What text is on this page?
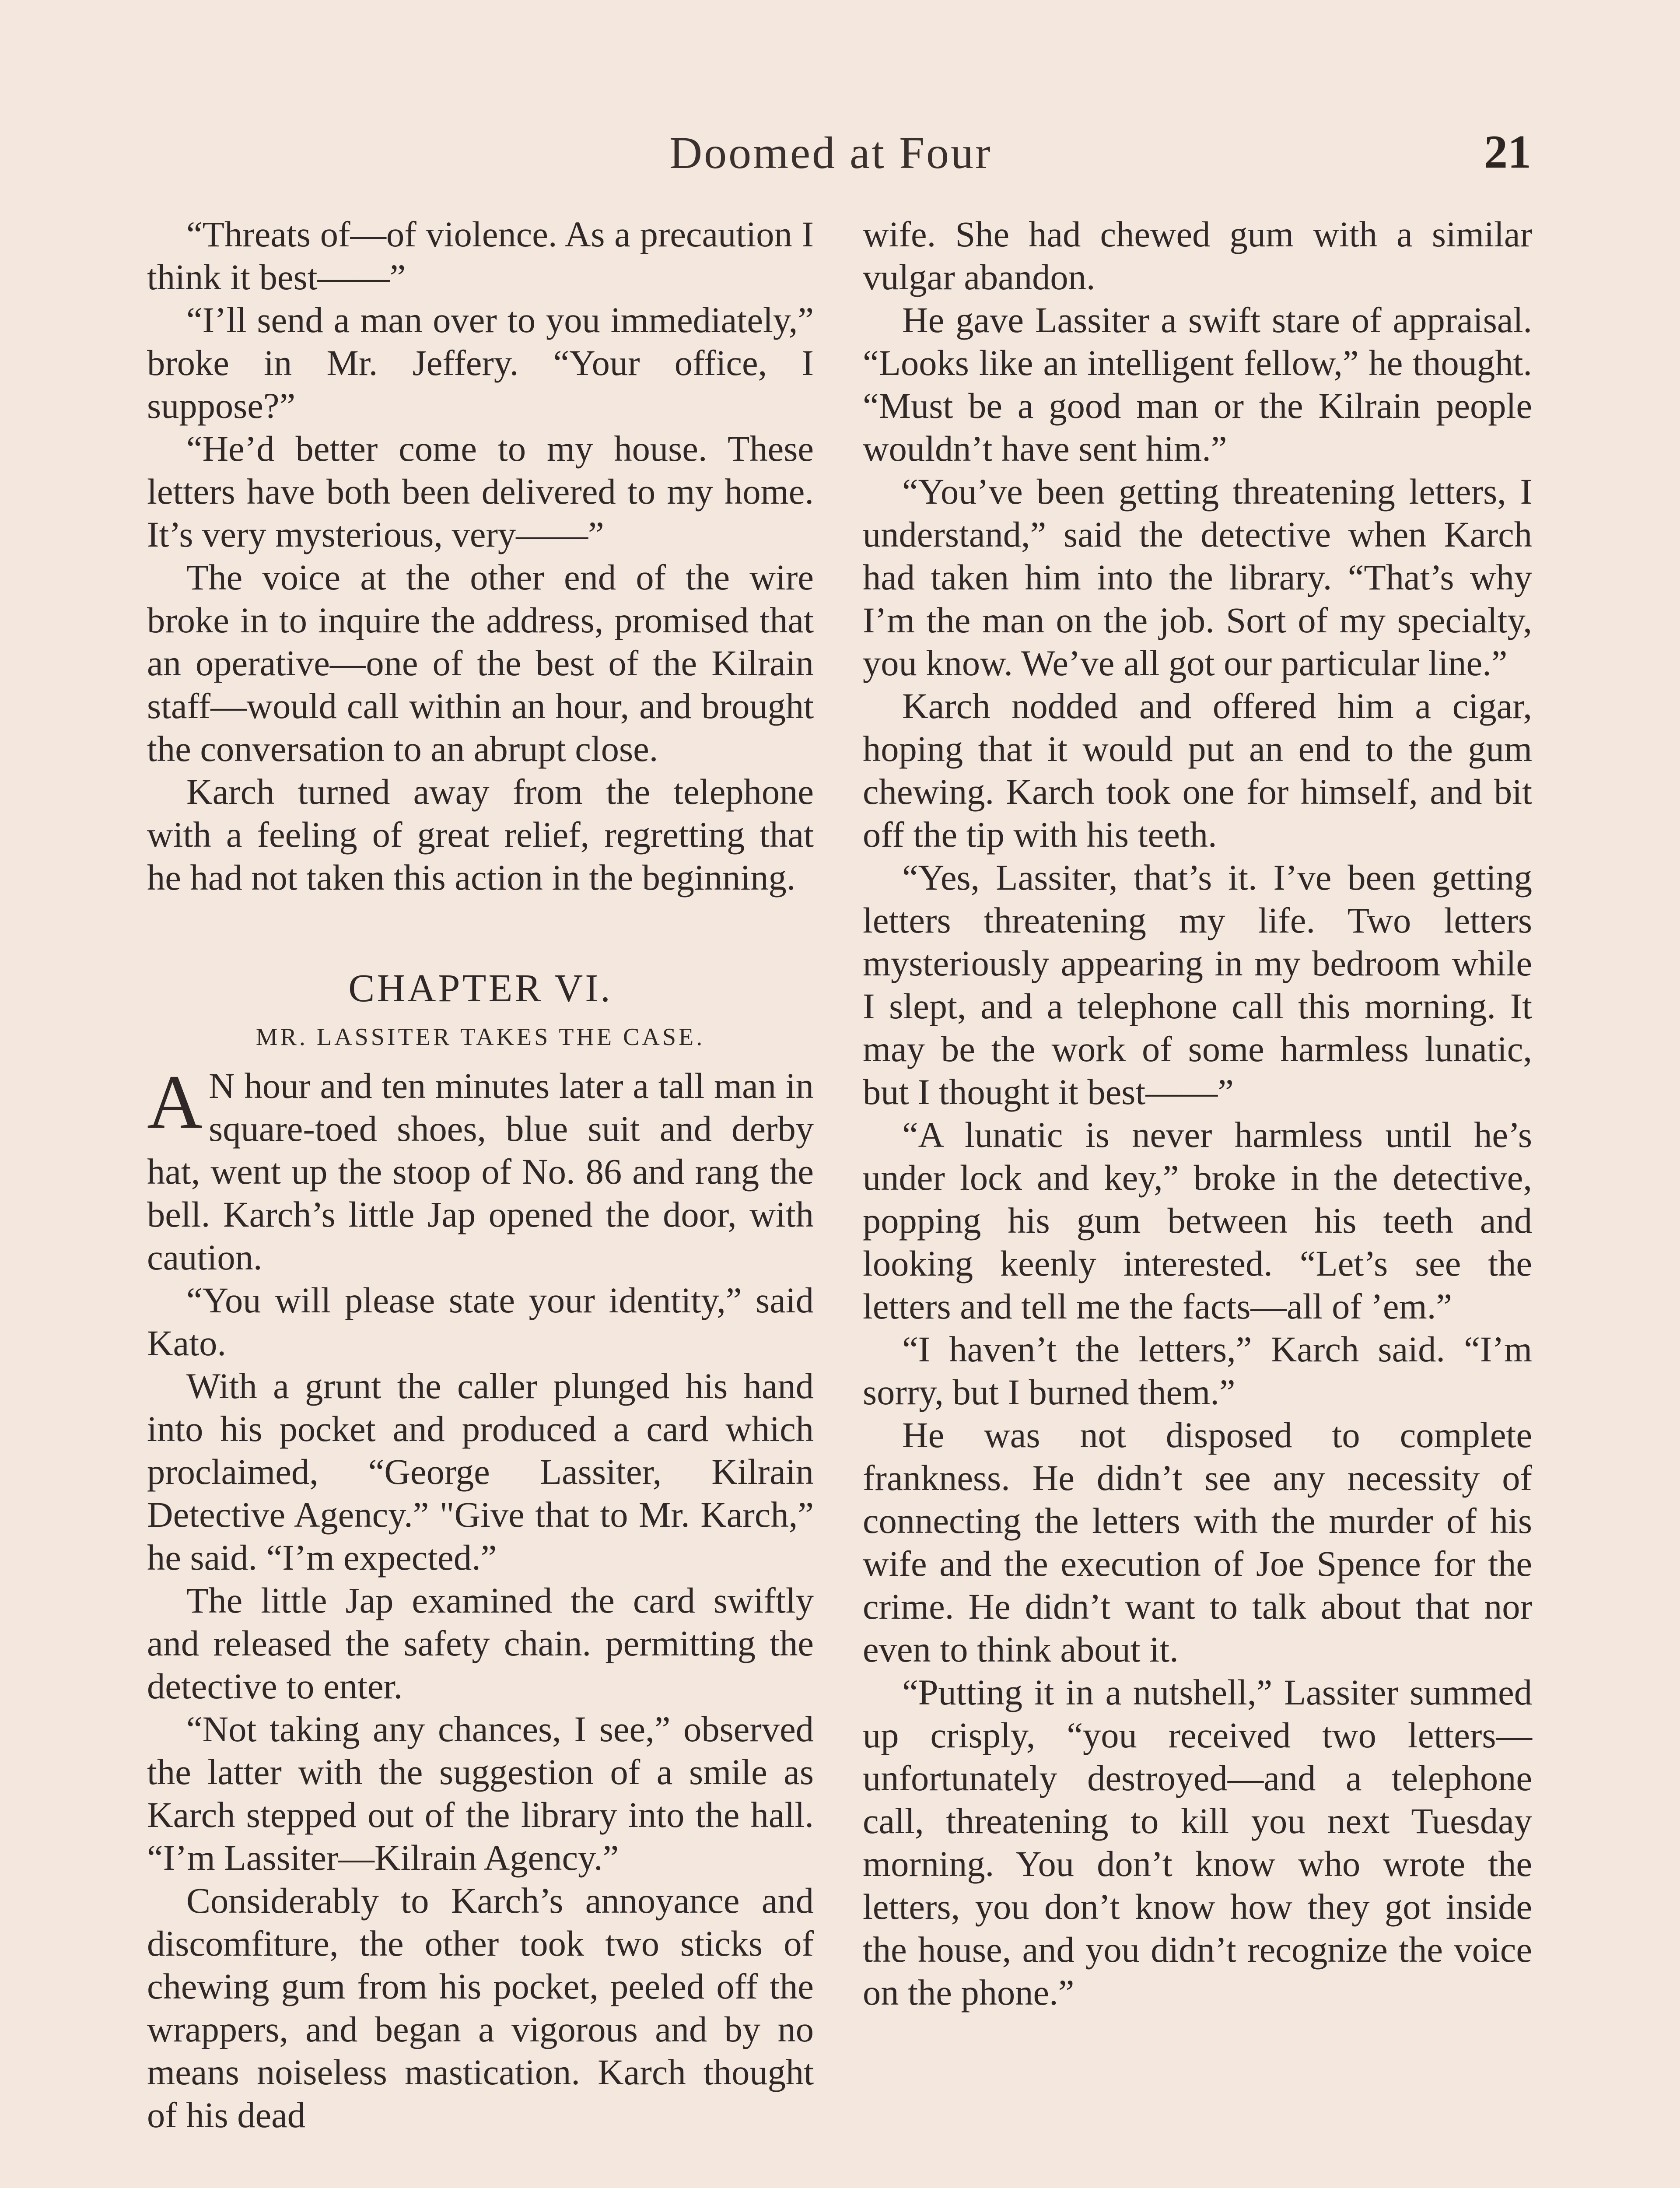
Doomed at Four	21

“Threats of—of violence. As a precaution I think it best——”

“I’ll send a man over to you immediately,” broke in Mr. Jeffery. “Your office, I suppose?”

“He’d better come to my house. These letters have both been delivered to my home. It’s very mysterious, very——”

The voice at the other end of the wire broke in to inquire the address, promised that an operative—one of the best of the Kilrain staff—would call within an hour, and brought the conversation to an abrupt close.

Karch turned away from the telephone with a feeling of great relief, regretting that he had not taken this action in the beginning.

CHAPTER VI.

MR. LASSITER TAKES THE CASE.

A N hour and ten minutes later a tall man in square-toed shoes, blue suit and derby hat, went up the stoop of No. 86 and rang the bell. Karch’s little Jap opened the door, with caution.

“You will please state your identity,” said Kato.

With a grunt the caller plunged his hand into his pocket and produced a card which proclaimed, “George Lassiter, Kilrain Detective Agency.” "Give that to Mr. Karch,” he said. “I’m expected.”

The little Jap examined the card swiftly and released the safety chain. permitting the detective to enter.

“Not taking any chances, I see,” observed the latter with the suggestion of a smile as Karch stepped out of the library into the hall. “I’m Lassiter—Kilrain Agency.”

Considerably to Karch’s annoyance and discomfiture, the other took two sticks of chewing gum from his pocket, peeled off the wrappers, and began a vigorous and by no means noiseless mastication. Karch thought of his dead

wife. She had chewed gum with a similar vulgar abandon.

He gave Lassiter a swift stare of appraisal. “Looks like an intelligent fellow,” he thought. “Must be a good man or the Kilrain people wouldn’t have sent him.”

“You’ve been getting threatening letters, I understand,” said the detective when Karch had taken him into the library. “That’s why I’m the man on the job. Sort of my specialty, you know. We’ve all got our particular line.”

Karch nodded and offered him a cigar, hoping that it would put an end to the gum chewing. Karch took one for himself, and bit off the tip with his teeth.

“Yes, Lassiter, that’s it. I’ve been getting letters threatening my life. Two letters mysteriously appearing in my bedroom while I slept, and a telephone call this morning. It may be the work of some harmless lunatic, but I thought it best——”

“A lunatic is never harmless until he’s under lock and key,” broke in the detective, popping his gum between his teeth and looking keenly interested. “Let’s see the letters and tell me the facts—all of ’em.”

“I haven’t the letters,” Karch said. “I’m sorry, but I burned them.”

He was not disposed to complete frankness. He didn’t see any necessity of connecting the letters with the murder of his wife and the execution of Joe Spence for the crime. He didn’t want to talk about that nor even to think about it.

“Putting it in a nutshell,” Lassiter summed up crisply, “you received two letters—unfortunately destroyed—and a telephone call, threatening to kill you next Tuesday morning. You don’t know who wrote the letters, you don’t know how they got inside the house, and you didn’t recognize the voice on the phone.”
